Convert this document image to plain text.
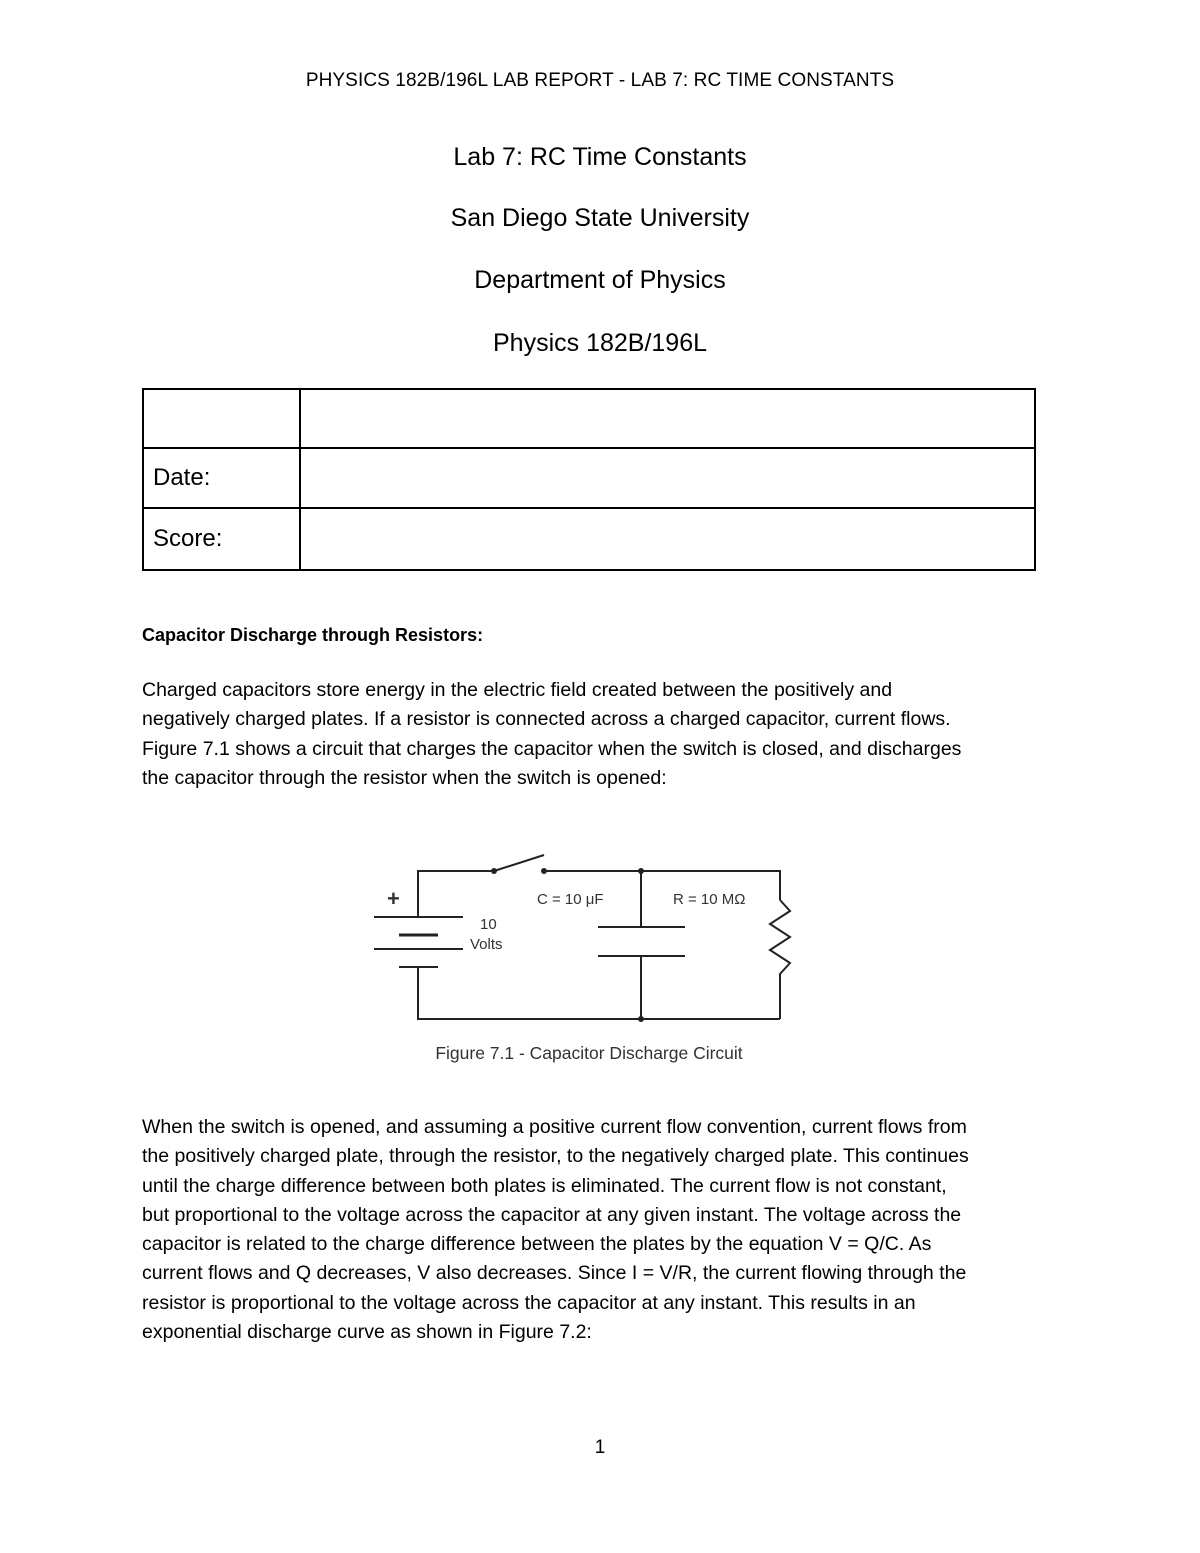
PHYSICS 182B/196L LAB REPORT - LAB 7: RC TIME CONSTANTS
Lab 7: RC Time Constants
San Diego State University
Department of Physics
Physics 182B/196L

Date:	
Score:	
Capacitor Discharge through Resistors:
Charged capacitors store energy in the electric field created between the positively and
negatively charged plates. If a resistor is connected across a charged capacitor, current flows.
Figure 7.1 shows a circuit that charges the capacitor when the switch is closed, and discharges
the capacitor through the resistor when the switch is opened:
+
10
Volts
C = 10 μF	R = 10 MΩ
Figure 7.1 - Capacitor Discharge Circuit
When the switch is opened, and assuming a positive current flow convention, current flows from
the positively charged plate, through the resistor, to the negatively charged plate. This continues
until the charge difference between both plates is eliminated. The current flow is not constant,
but proportional to the voltage across the capacitor at any given instant. The voltage across the
capacitor is related to the charge difference between the plates by the equation V = Q/C. As
current flows and Q decreases, V also decreases. Since I = V/R, the current flowing through the
resistor is proportional to the voltage across the capacitor at any instant. This results in an
exponential discharge curve as shown in Figure 7.2:
1
